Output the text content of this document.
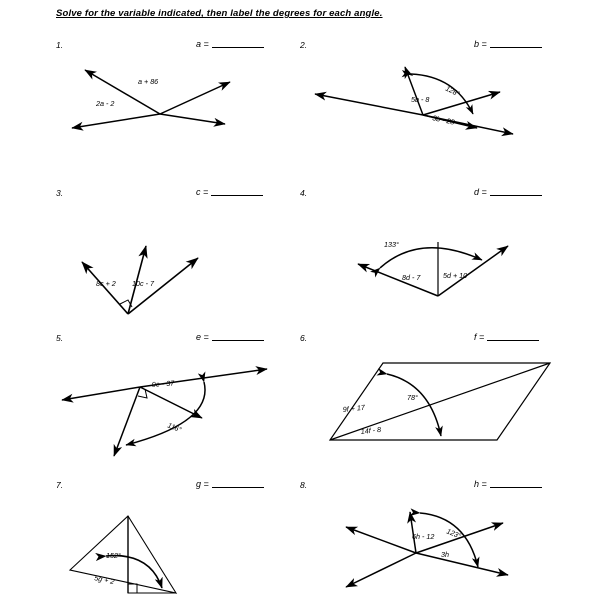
Solve for the variable indicated, then label the degrees for each angle.
1.	a =	2.	b =
a + 86
2a - 2
128°
5b - 8
3b - 28
3.	c =	4.	d =
8c + 2 10c - 7
133°
8d - 7	5d + 10
5.	e =	6.	f =
9e - 37
116°
78°
9f + 17
14f - 8
7.	g =	8.	h =
152°
5g + 2
123°
6h - 12
3h
